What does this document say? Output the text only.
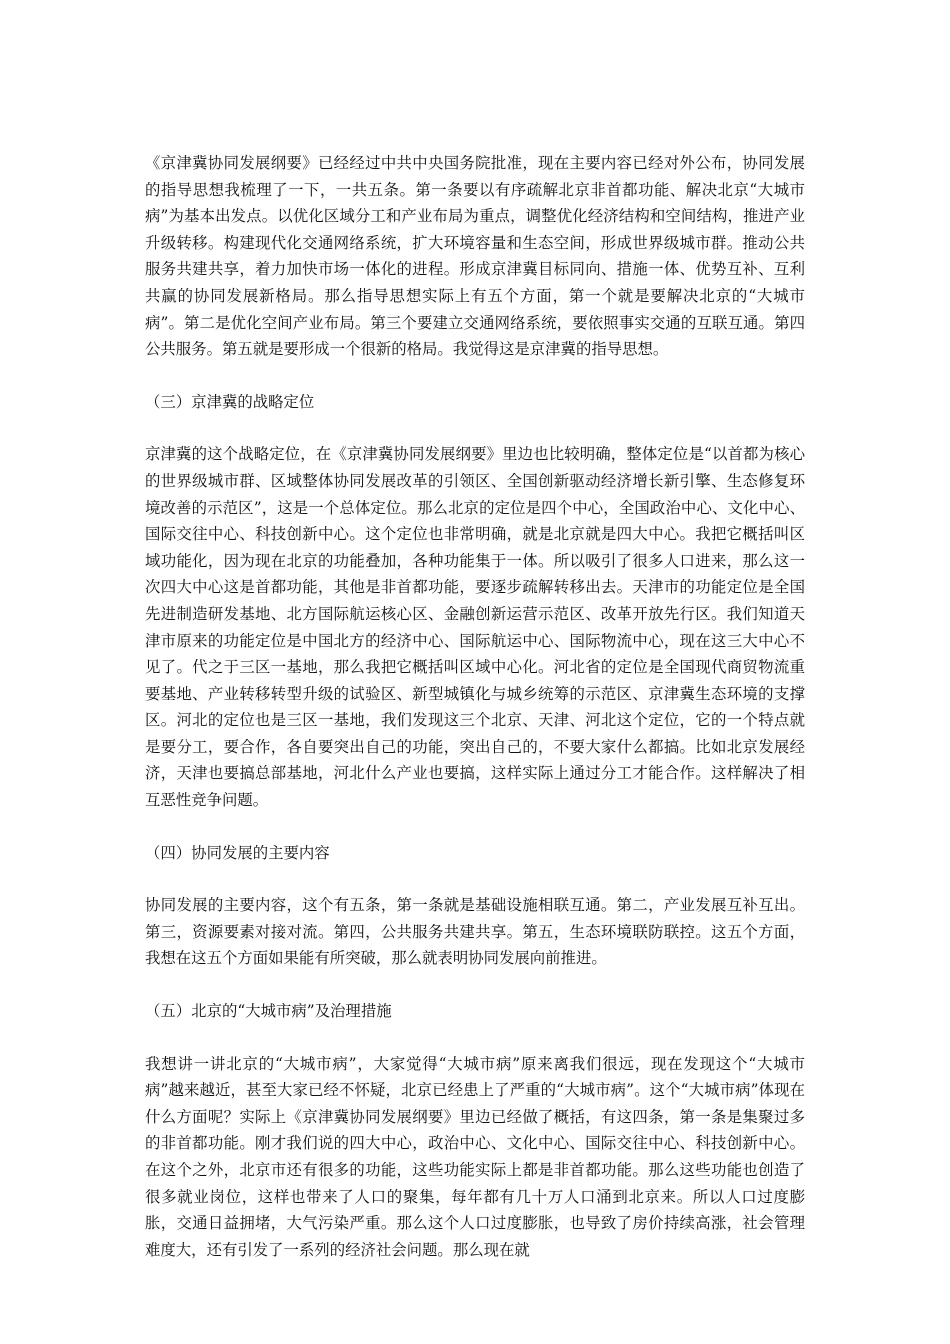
《京津冀协同发展纲要》已经经过中共中央国务院批准，现在主要内容已经对外公布，协同发展的指导思想我梳理了一下，一共五条。第一条要以有序疏解北京非首都功能、解决北京“大城市病”为基本出发点。以优化区域分工和产业布局为重点，调整优化经济结构和空间结构，推进产业升级转移。构建现代化交通网络系统，扩大环境容量和生态空间，形成世界级城市群。推动公共服务共建共享，着力加快市场一体化的进程。形成京津冀目标同向、措施一体、优势互补、互利共赢的协同发展新格局。那么指导思想实际上有五个方面，第一个就是要解决北京的“大城市病”。第二是优化空间产业布局。第三个要建立交通网络系统，要依照事实交通的互联互通。第四公共服务。第五就是要形成一个很新的格局。我觉得这是京津冀的指导思想。

（三）京津冀的战略定位

京津冀的这个战略定位，在《京津冀协同发展纲要》里边也比较明确，整体定位是“以首都为核心的世界级城市群、区域整体协同发展改革的引领区、全国创新驱动经济增长新引擎、生态修复环境改善的示范区”，这是一个总体定位。那么北京的定位是四个中心，全国政治中心、文化中心、国际交往中心、科技创新中心。这个定位也非常明确，就是北京就是四大中心。我把它概括叫区域功能化，因为现在北京的功能叠加，各种功能集于一体。所以吸引了很多人口进来，那么这一次四大中心这是首都功能，其他是非首都功能，要逐步疏解转移出去。天津市的功能定位是全国先进制造研发基地、北方国际航运核心区、金融创新运营示范区、改革开放先行区。我们知道天津市原来的功能定位是中国北方的经济中心、国际航运中心、国际物流中心，现在这三大中心不见了。代之于三区一基地，那么我把它概括叫区域中心化。河北省的定位是全国现代商贸物流重要基地、产业转移转型升级的试验区、新型城镇化与城乡统筹的示范区、京津冀生态环境的支撑区。河北的定位也是三区一基地，我们发现这三个北京、天津、河北这个定位，它的一个特点就是要分工，要合作，各自要突出自己的功能，突出自己的，不要大家什么都搞。比如北京发展经济，天津也要搞总部基地，河北什么产业也要搞，这样实际上通过分工才能合作。这样解决了相互恶性竞争问题。

（四）协同发展的主要内容

协同发展的主要内容，这个有五条，第一条就是基础设施相联互通。第二，产业发展互补互出。第三，资源要素对接对流。第四，公共服务共建共享。第五，生态环境联防联控。这五个方面，我想在这五个方面如果能有所突破，那么就表明协同发展向前推进。

（五）北京的“大城市病”及治理措施

我想讲一讲北京的“大城市病”，大家觉得“大城市病”原来离我们很远，现在发现这个“大城市病”越来越近，甚至大家已经不怀疑，北京已经患上了严重的“大城市病”。这个“大城市病”体现在什么方面呢？实际上《京津冀协同发展纲要》里边已经做了概括，有这四条，第一条是集聚过多的非首都功能。刚才我们说的四大中心，政治中心、文化中心、国际交往中心、科技创新中心。在这个之外，北京市还有很多的功能，这些功能实际上都是非首都功能。那么这些功能也创造了很多就业岗位，这样也带来了人口的聚集，每年都有几十万人口涌到北京来。所以人口过度膨胀，交通日益拥堵，大气污染严重。那么这个人口过度膨胀，也导致了房价持续高涨，社会管理难度大，还有引发了一系列的经济社会问题。那么现在就
